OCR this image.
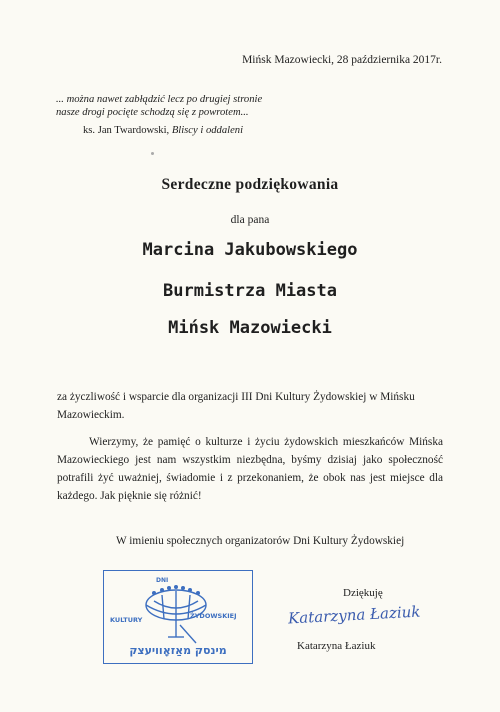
Mińsk Mazowiecki, 28 października 2017r.
... można nawet zabłądzić lecz po drugiej stronie
nasze drogi pocięte schodzą się z powrotem...
ks. Jan Twardowski, Bliscy i oddaleni
Serdeczne podziękowania
dla pana
Marcina Jakubowskiego
Burmistrza Miasta
Mińsk Mazowiecki
za życzliwość i wsparcie dla organizacji III Dni Kultury Żydowskiej w Mińsku Mazowieckim.
Wierzymy, że pamięć o kulturze i życiu żydowskich mieszkańców Mińska Mazowieckiego jest nam wszystkim niezbędna, byśmy dzisiaj jako społeczność potrafili żyć uważniej, świadomie i z przekonaniem, że obok nas jest miejsce dla każdego. Jak pięknie się różnić!
W imieniu społecznych organizatorów Dni Kultury Żydowskiej
DNI
KULTURY	ŻYDOWSKIEJ
מינסק מאַזאָוויעצק
Dziękuję
Katarzyna Łaziuk
Katarzyna Łaziuk
